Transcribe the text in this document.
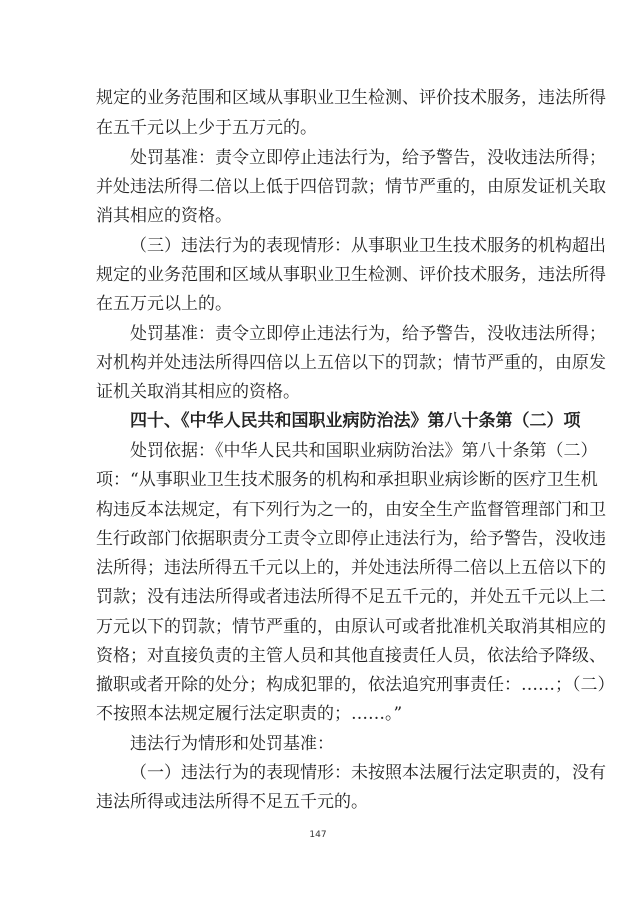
规定的业务范围和区域从事职业卫生检测、评价技术服务，违法所得
在五千元以上少于五万元的。
处罚基准：责令立即停止违法行为，给予警告，没收违法所得；
并处违法所得二倍以上低于四倍罚款；情节严重的，由原发证机关取
消其相应的资格。
（三）违法行为的表现情形：从事职业卫生技术服务的机构超出
规定的业务范围和区域从事职业卫生检测、评价技术服务，违法所得
在五万元以上的。
处罚基准：责令立即停止违法行为，给予警告，没收违法所得；
对机构并处违法所得四倍以上五倍以下的罚款；情节严重的，由原发
证机关取消其相应的资格。
四十、《中华人民共和国职业病防治法》第八十条第（二）项
处罚依据：《中华人民共和国职业病防治法》第八十条第（二）
项：“从事职业卫生技术服务的机构和承担职业病诊断的医疗卫生机
构违反本法规定，有下列行为之一的，由安全生产监督管理部门和卫
生行政部门依据职责分工责令立即停止违法行为，给予警告，没收违
法所得；违法所得五千元以上的，并处违法所得二倍以上五倍以下的
罚款；没有违法所得或者违法所得不足五千元的，并处五千元以上二
万元以下的罚款；情节严重的，由原认可或者批准机关取消其相应的
资格；对直接负责的主管人员和其他直接责任人员，依法给予降级、
撤职或者开除的处分；构成犯罪的，依法追究刑事责任：……；（二）
不按照本法规定履行法定职责的；……。”
违法行为情形和处罚基准：
（一）违法行为的表现情形：未按照本法履行法定职责的，没有
违法所得或违法所得不足五千元的。
147
